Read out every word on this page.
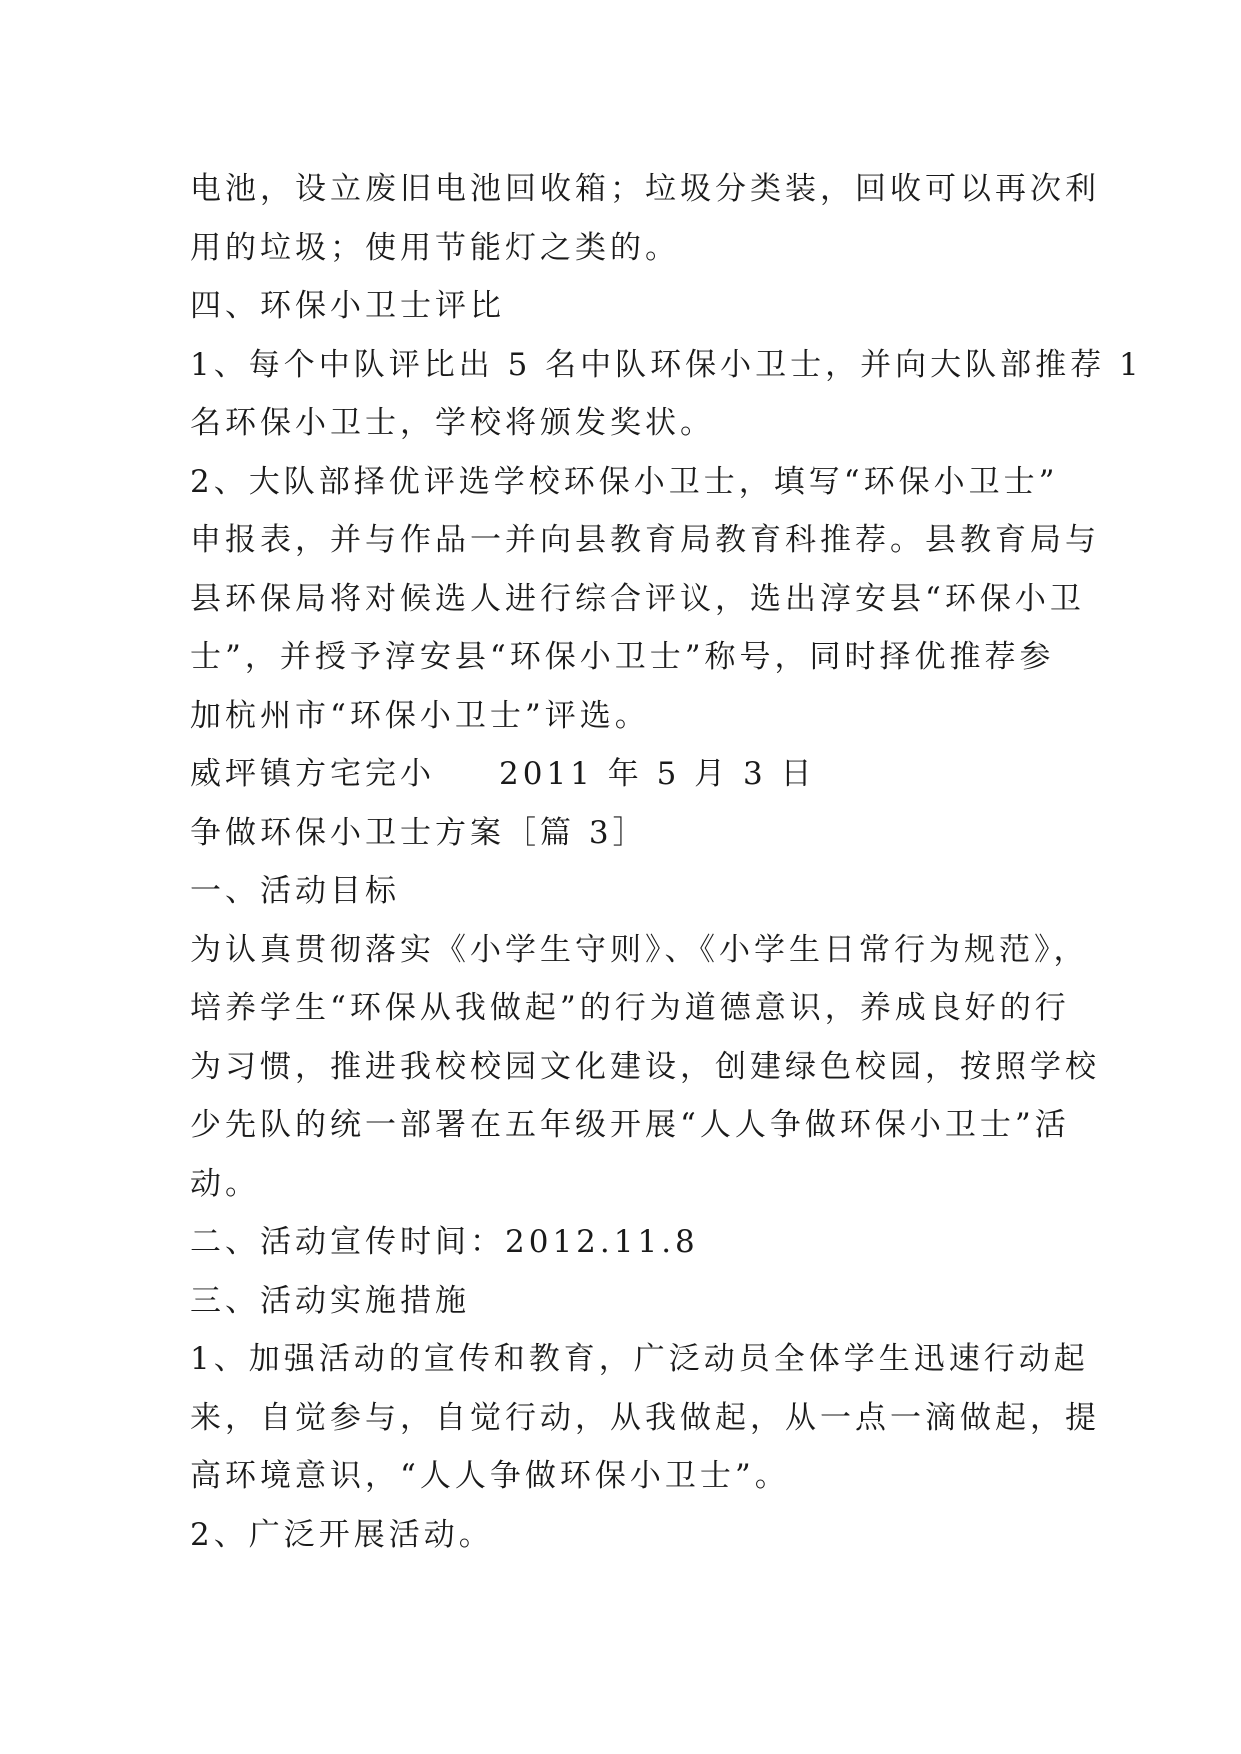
电池，设立废旧电池回收箱；垃圾分类装，回收可以再次利
用的垃圾；使用节能灯之类的。
四、环保小卫士评比
1、每个中队评比出 5 名中队环保小卫士，并向大队部推荐 1
名环保小卫士，学校将颁发奖状。
2、大队部择优评选学校环保小卫士，填写“环保小卫士”
申报表，并与作品一并向县教育局教育科推荐。县教育局与
县环保局将对候选人进行综合评议，选出淳安县“环保小卫
士”，并授予淳安县“环保小卫士”称号，同时择优推荐参
加杭州市“环保小卫士”评选。
威坪镇方宅完小 2011 年 5 月 3 日
争做环保小卫士方案［篇 3］
一、活动目标
为认真贯彻落实《小学生守则》、《小学生日常行为规范》，
培养学生“环保从我做起”的行为道德意识，养成良好的行
为习惯，推进我校校园文化建设，创建绿色校园，按照学校
少先队的统一部署在五年级开展“人人争做环保小卫士”活
动。
二、活动宣传时间：2012.11.8
三、活动实施措施
1、加强活动的宣传和教育，广泛动员全体学生迅速行动起
来，自觉参与，自觉行动，从我做起，从一点一滴做起，提
高环境意识，“人人争做环保小卫士”。
2、广泛开展活动。
